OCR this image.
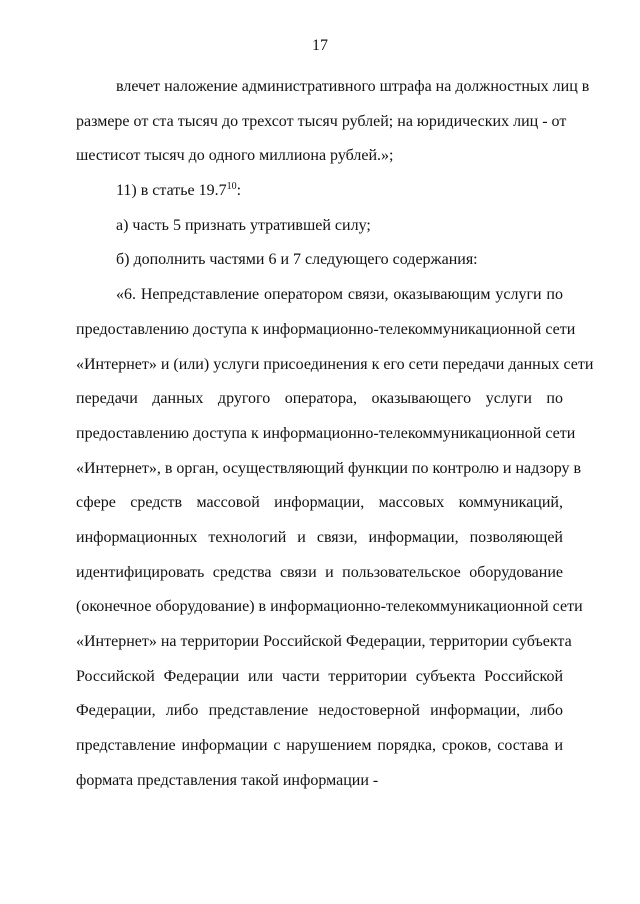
17
влечет наложение административного штрафа на должностных лиц в
размере от ста тысяч до трехсот тысяч рублей; на юридических лиц - от
шестисот тысяч до одного миллиона рублей.»;
11) в статье 19.7$^{10}$:
а) часть 5 признать утратившей силу;
б) дополнить частями 6 и 7 следующего содержания:
«6. Непредставление оператором связи, оказывающим услуги по
предоставлению доступа к информационно-телекоммуникационной сети
«Интернет» и (или) услуги присоединения к его сети передачи данных сети
передачи данных другого оператора, оказывающего услуги по
предоставлению доступа к информационно-телекоммуникационной сети
«Интернет», в орган, осуществляющий функции по контролю и надзору в
сфере средств массовой информации, массовых коммуникаций,
информационных технологий и связи, информации, позволяющей
идентифицировать средства связи и пользовательское оборудование
(оконечное оборудование) в информационно-телекоммуникационной сети
«Интернет» на территории Российской Федерации, территории субъекта
Российской Федерации или части территории субъекта Российской
Федерации, либо представление недостоверной информации, либо
представление информации с нарушением порядка, сроков, состава и
формата представления такой информации -
